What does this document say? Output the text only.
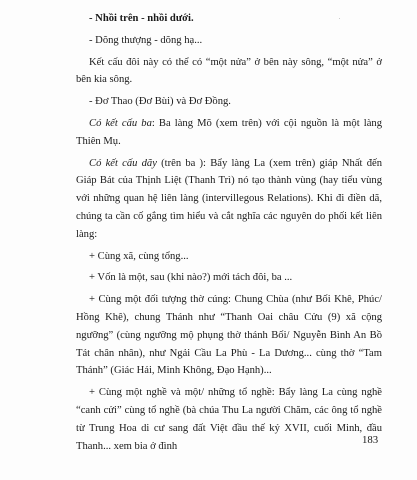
- Nhồi trên - nhồi dưới.

- Dõng thượng - dõng hạ...

Kết cấu đôi này có thể có “một nửa” ở bên này sông, “một nửa” ở bên kia sông.

- Đơ Thao (Đơ Bùi) và Đơ Đồng.

Có kết cấu ba: Ba làng Mõ (xem trên) với cội nguồn là một làng Thiên Mụ.

Có kết cấu dãy (trên ba ): Bẩy làng La (xem trên) giáp Nhất đến Giáp Bát của Thịnh Liệt (Thanh Trì) nó tạo thành vùng (hay tiểu vùng với những quan hệ liên làng (intervillegous Relations). Khi đi điền dã, chúng ta cần cố gắng tìm hiểu và cắt nghĩa các nguyên do phối kết liên làng:

+ Cùng xã, cùng tổng...

+ Vốn là một, sau (khi nào?) mới tách đôi, ba ...

+ Cùng một đối tượng thờ cúng: Chung Chùa (như Bối Khê, Phúc/ Hồng Khê), chung Thánh như “Thanh Oai châu Cửu (9) xã cộng ngưỡng” (cùng ngưỡng mộ phụng thờ thánh Bối/ Nguyễn Bình An Bồ Tát chân nhân), như Ngải Cầu La Phù - La Dương... cùng thờ “Tam Thánh” (Giác Hải, Minh Không, Đạo Hạnh)...

+ Cùng một nghề và một/ những tổ nghề: Bẩy làng La cùng nghề “canh cửi” cùng tổ nghề (bà chúa Thu La người Chăm, các ông tổ nghề từ Trung Hoa di cư sang đất Việt đầu thế kỷ XVII, cuối Minh, đầu Thanh... xem bia ở đình

183
